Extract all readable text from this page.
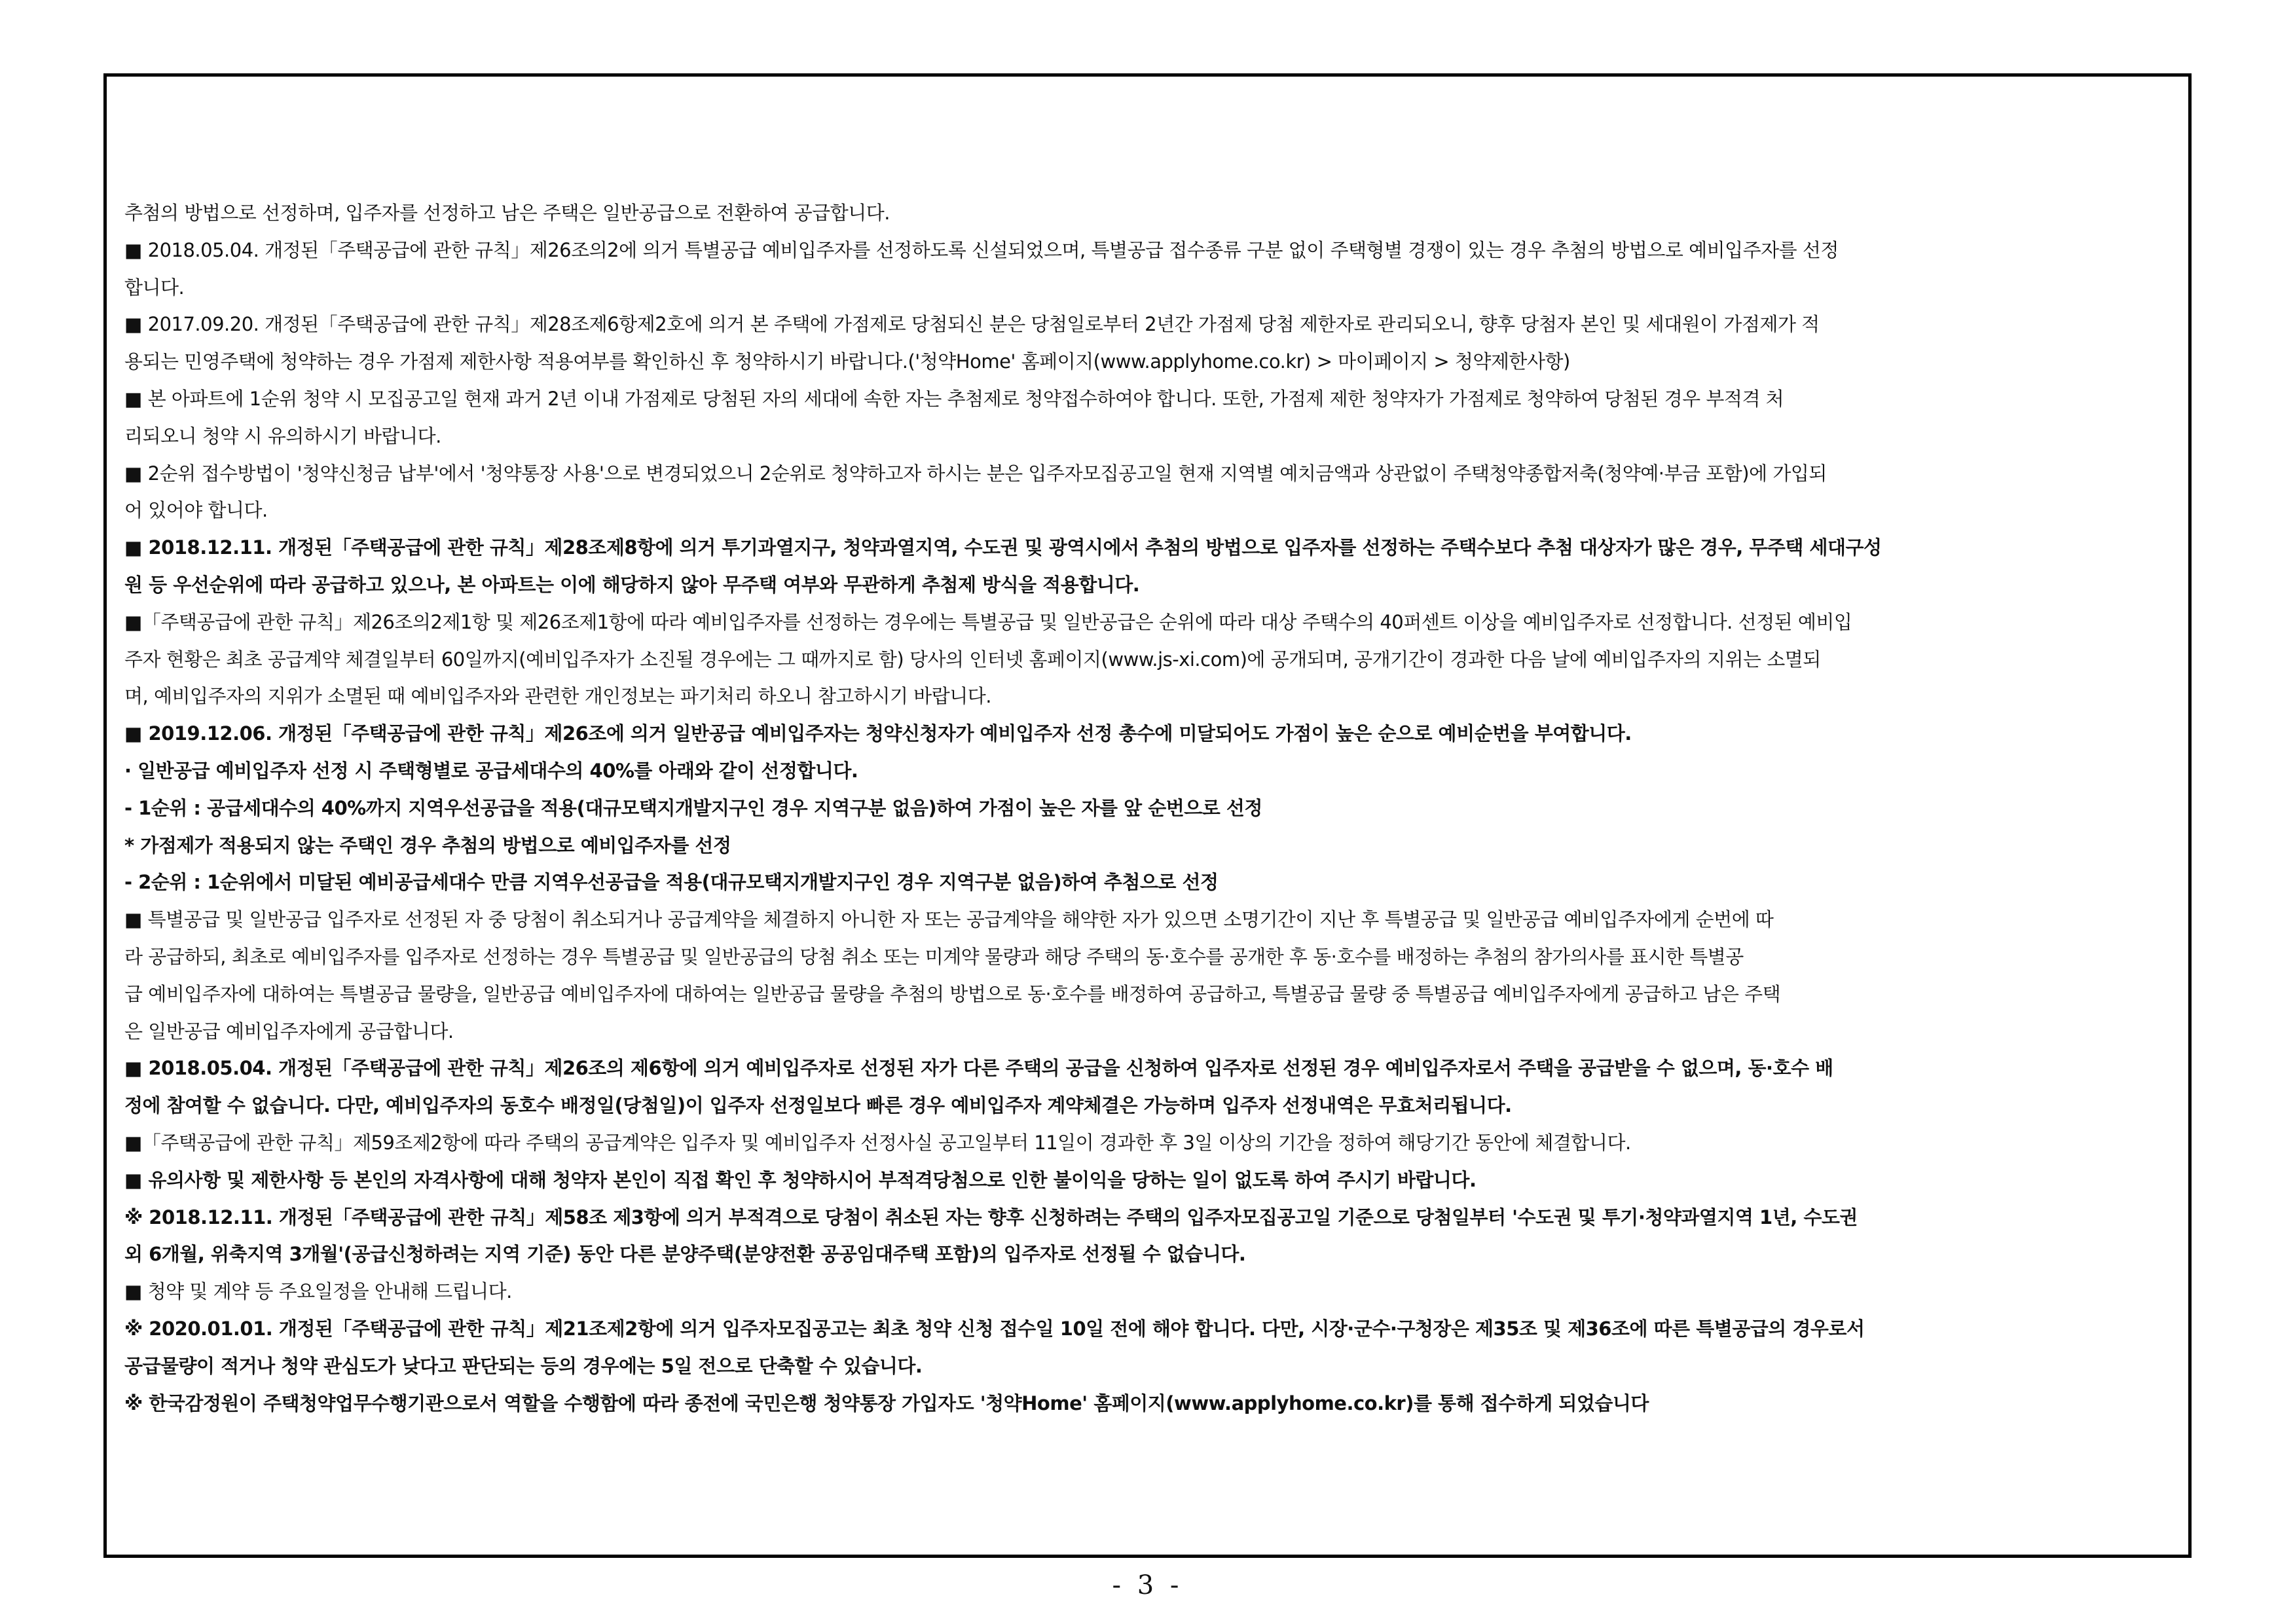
추첨의 방법으로 선정하며, 입주자를 선정하고 남은 주택은 일반공급으로 전환하여 공급합니다.
■ 2018.05.04. 개정된「주택공급에 관한 규칙」제26조의2에 의거 특별공급 예비입주자를 선정하도록 신설되었으며, 특별공급 접수종류 구분 없이 주택형별 경쟁이 있는 경우 추첨의 방법으로 예비입주자를 선정
합니다.
■ 2017.09.20. 개정된「주택공급에 관한 규칙」제28조제6항제2호에 의거 본 주택에 가점제로 당첨되신 분은 당첨일로부터 2년간 가점제 당첨 제한자로 관리되오니, 향후 당첨자 본인 및 세대원이 가점제가 적
용되는 민영주택에 청약하는 경우 가점제 제한사항 적용여부를 확인하신 후 청약하시기 바랍니다.('청약Home' 홈페이지(www.applyhome.co.kr) > 마이페이지 > 청약제한사항)
■ 본 아파트에 1순위 청약 시 모집공고일 현재 과거 2년 이내 가점제로 당첨된 자의 세대에 속한 자는 추첨제로 청약접수하여야 합니다. 또한, 가점제 제한 청약자가 가점제로 청약하여 당첨된 경우 부적격 처
리되오니 청약 시 유의하시기 바랍니다.
■ 2순위 접수방법이 '청약신청금 납부'에서 '청약통장 사용'으로 변경되었으니 2순위로 청약하고자 하시는 분은 입주자모집공고일 현재 지역별 예치금액과 상관없이 주택청약종합저축(청약예·부금 포함)에 가입되
어 있어야 합니다.
■ 2018.12.11. 개정된「주택공급에 관한 규칙」제28조제8항에 의거 투기과열지구, 청약과열지역, 수도권 및 광역시에서 추첨의 방법으로 입주자를 선정하는 주택수보다 추첨 대상자가 많은 경우, 무주택 세대구성
원 등 우선순위에 따라 공급하고 있으나, 본 아파트는 이에 해당하지 않아 무주택 여부와 무관하게 추첨제 방식을 적용합니다.
■「주택공급에 관한 규칙」제26조의2제1항 및 제26조제1항에 따라 예비입주자를 선정하는 경우에는 특별공급 및 일반공급은 순위에 따라 대상 주택수의 40퍼센트 이상을 예비입주자로 선정합니다. 선정된 예비입
주자 현황은 최초 공급계약 체결일부터 60일까지(예비입주자가 소진될 경우에는 그 때까지로 함) 당사의 인터넷 홈페이지(www.js-xi.com)에 공개되며, 공개기간이 경과한 다음 날에 예비입주자의 지위는 소멸되
며, 예비입주자의 지위가 소멸된 때 예비입주자와 관련한 개인정보는 파기처리 하오니 참고하시기 바랍니다.
■ 2019.12.06. 개정된「주택공급에 관한 규칙」제26조에 의거 일반공급 예비입주자는 청약신청자가 예비입주자 선정 총수에 미달되어도 가점이 높은 순으로 예비순번을 부여합니다.
· 일반공급 예비입주자 선정 시 주택형별로 공급세대수의 40%를 아래와 같이 선정합니다.
- 1순위 : 공급세대수의 40%까지 지역우선공급을 적용(대규모택지개발지구인 경우 지역구분 없음)하여 가점이 높은 자를 앞 순번으로 선정
* 가점제가 적용되지 않는 주택인 경우 추첨의 방법으로 예비입주자를 선정
- 2순위 : 1순위에서 미달된 예비공급세대수 만큼 지역우선공급을 적용(대규모택지개발지구인 경우 지역구분 없음)하여 추첨으로 선정
■ 특별공급 및 일반공급 입주자로 선정된 자 중 당첨이 취소되거나 공급계약을 체결하지 아니한 자 또는 공급계약을 해약한 자가 있으면 소명기간이 지난 후 특별공급 및 일반공급 예비입주자에게 순번에 따
라 공급하되, 최초로 예비입주자를 입주자로 선정하는 경우 특별공급 및 일반공급의 당첨 취소 또는 미계약 물량과 해당 주택의 동·호수를 공개한 후 동·호수를 배정하는 추첨의 참가의사를 표시한 특별공
급 예비입주자에 대하여는 특별공급 물량을, 일반공급 예비입주자에 대하여는 일반공급 물량을 추첨의 방법으로 동·호수를 배정하여 공급하고, 특별공급 물량 중 특별공급 예비입주자에게 공급하고 남은 주택
은 일반공급 예비입주자에게 공급합니다.
■ 2018.05.04. 개정된「주택공급에 관한 규칙」제26조의 제6항에 의거 예비입주자로 선정된 자가 다른 주택의 공급을 신청하여 입주자로 선정된 경우 예비입주자로서 주택을 공급받을 수 없으며, 동·호수 배
정에 참여할 수 없습니다. 다만, 예비입주자의 동호수 배정일(당첨일)이 입주자 선정일보다 빠른 경우 예비입주자 계약체결은 가능하며 입주자 선정내역은 무효처리됩니다.
■「주택공급에 관한 규칙」제59조제2항에 따라 주택의 공급계약은 입주자 및 예비입주자 선정사실 공고일부터 11일이 경과한 후 3일 이상의 기간을 정하여 해당기간 동안에 체결합니다.
■ 유의사항 및 제한사항 등 본인의 자격사항에 대해 청약자 본인이 직접 확인 후 청약하시어 부적격당첨으로 인한 불이익을 당하는 일이 없도록 하여 주시기 바랍니다.
※ 2018.12.11. 개정된「주택공급에 관한 규칙」제58조 제3항에 의거 부적격으로 당첨이 취소된 자는 향후 신청하려는 주택의 입주자모집공고일 기준으로 당첨일부터 '수도권 및 투기·청약과열지역 1년, 수도권
외 6개월, 위축지역 3개월'(공급신청하려는 지역 기준) 동안 다른 분양주택(분양전환 공공임대주택 포함)의 입주자로 선정될 수 없습니다.
■ 청약 및 계약 등 주요일정을 안내해 드립니다.
※ 2020.01.01. 개정된「주택공급에 관한 규칙」제21조제2항에 의거 입주자모집공고는 최초 청약 신청 접수일 10일 전에 해야 합니다. 다만, 시장·군수·구청장은 제35조 및 제36조에 따른 특별공급의 경우로서
공급물량이 적거나 청약 관심도가 낮다고 판단되는 등의 경우에는 5일 전으로 단축할 수 있습니다.
※ 한국감정원이 주택청약업무수행기관으로서 역할을 수행함에 따라 종전에 국민은행 청약통장 가입자도 '청약Home' 홈페이지(www.applyhome.co.kr)를 통해 접수하게 되었습니다
- 3 -
